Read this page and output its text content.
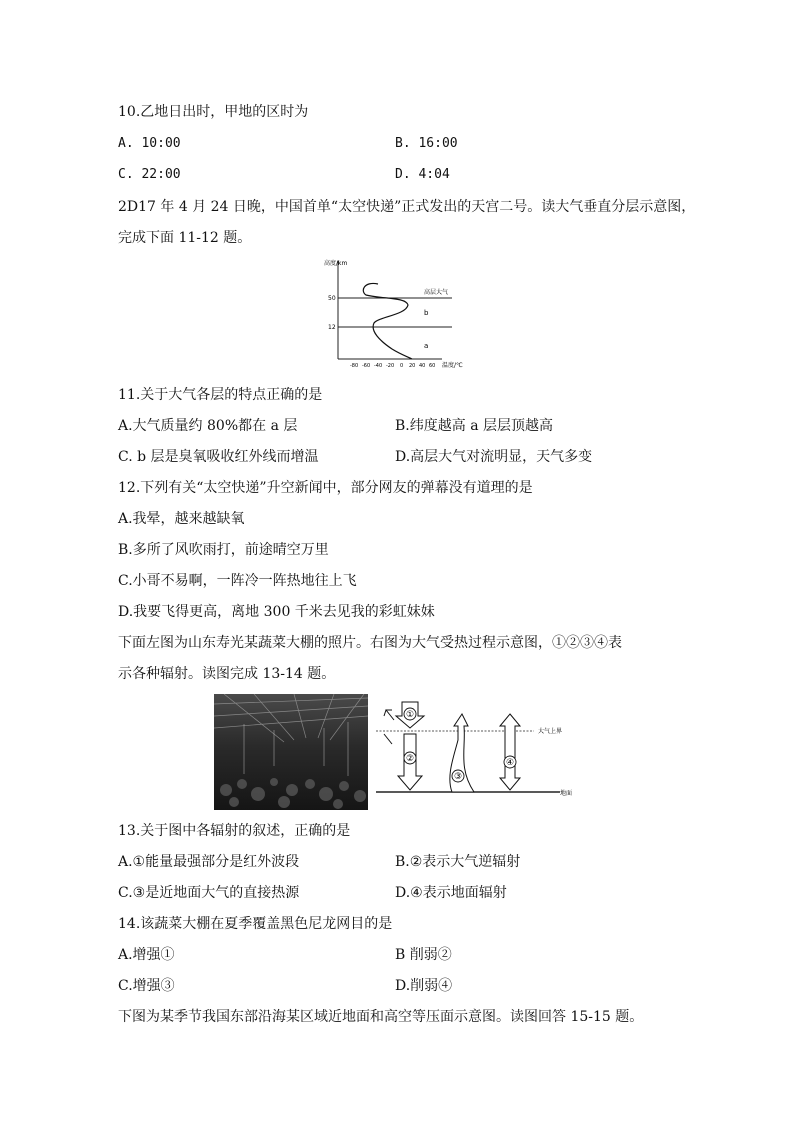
10.乙地日出时，甲地的区时为
A. 10:00	B. 16:00
C. 22:00	D. 4:04
2D17 年 4 月 24 日晚，中国首单“太空快递”正式发出的天宫二号。读大气垂直分层示意图，
完成下面 11-12 题。
高度/km
温度/℃
50
12
高层大气
b
a
-80 -60 -40 -20 0 20 40 60
11.关于大气各层的特点正确的是
A.大气质量约 80%都在 a 层	B.纬度越高 a 层层顶越高
C. b 层是臭氧吸收红外线而增温	D.高层大气对流明显，天气多变
12.下列有关“太空快递”升空新闻中，部分网友的弹幕没有道理的是
A.我晕，越来越缺氧
B.多所了风吹雨打，前途晴空万里
C.小哥不易啊，一阵冷一阵热地往上飞
D.我要飞得更高，离地 300 千米去见我的彩虹妹妹
下面左图为山东寿光某蔬菜大棚的照片。右图为大气受热过程示意图，①②③④表
示各种辐射。读图完成 13-14 题。
大气上界
地面
①
②
③
④
13.关于图中各辐射的叙述，正确的是
A.①能量最强部分是红外波段	B.②表示大气逆辐射
C.③是近地面大气的直接热源	D.④表示地面辐射
14.该蔬菜大棚在夏季覆盖黑色尼龙网目的是
A.增强①	B 削弱②
C.增强③	D.削弱④
下图为某季节我国东部沿海某区域近地面和高空等压面示意图。读图回答 15-15 题。
